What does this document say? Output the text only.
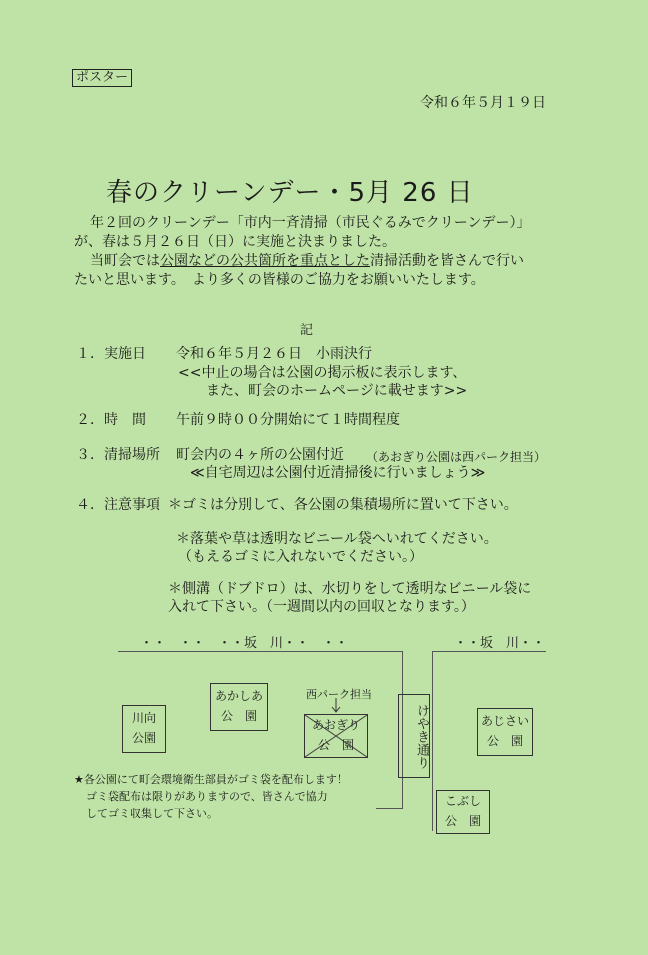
ポスター
令和６年５月１９日
春のクリーンデー・5月 26 日
年２回のクリーンデー「市内一斉清掃（市民ぐるみでクリーンデー）」
が、春は５月２６日（日）に実施と決まりました。
当町会では公園などの公共箇所を重点とした清掃活動を皆さんで行い
たいと思います。　より多くの皆様のご協力をお願いいたします。
記
１．実施日 令和６年５月２６日　小雨決行
<<中止の場合は公園の掲示板に表示します、
また、町会のホームページに載せます>>
２．時　間 午前９時００分開始にて１時間程度
３．清掃場所 町会内の４ヶ所の公園付近 （あおぎり公園は西パーク担当）
≪自宅周辺は公園付近清掃後に行いましょう≫
４．注意事項 ＊ゴミは分別して、各公園の集積場所に置いて下さい。
＊落葉や草は透明なビニール袋へいれてください。
（もえるゴミに入れないでください。）
＊側溝（ドブドロ）は、水切りをして透明なビニール袋に
入れて下さい。（一週間以内の回収となります。）
・・　・・　・・坂　川・・　・・	・・坂　川・・
川向
公園
あかしあ
公　園
西パーク担当
あおぎり
公　園	けやき通り	あじさい
公　園
こぶし
公　園
★各公園にて町会環境衛生部員がゴミ袋を配布します！
ゴミ袋配布は限りがありますので、皆さんで協力
してゴミ収集して下さい。
